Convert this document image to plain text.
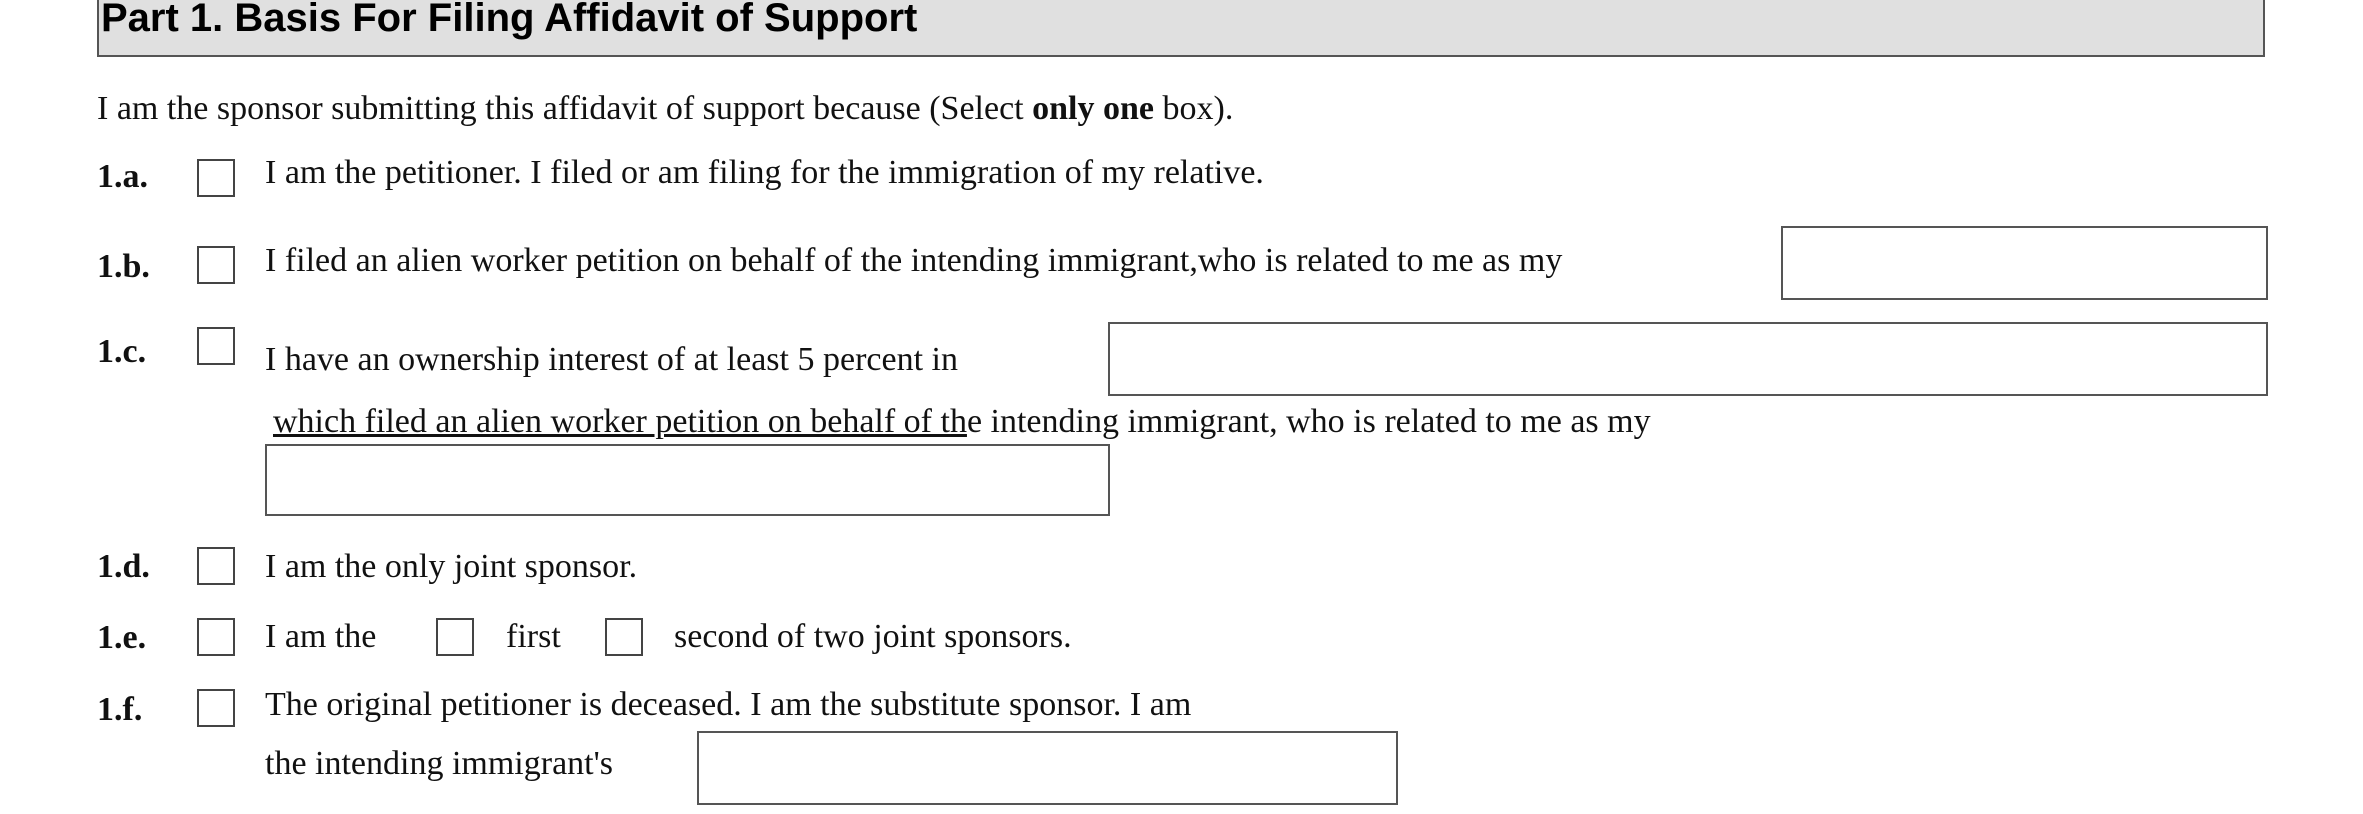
Part 1. Basis For Filing Affidavit of Support
I am the sponsor submitting this affidavit of support because (Select only one box).
1.a.	I am the petitioner. I filed or am filing for the immigration of my relative.
1.b.	I filed an alien worker petition on behalf of the intending immigrant,who is related to me as my
1.c.	I have an ownership interest of at least 5 percent in
which filed an alien worker petition on behalf of the intending immigrant, who is related to me as my
1.d.	I am the only joint sponsor.
1.e.	I am the	first	second of two joint sponsors.
1.f.	The original petitioner is deceased. I am the substitute sponsor. I am
the intending immigrant's
